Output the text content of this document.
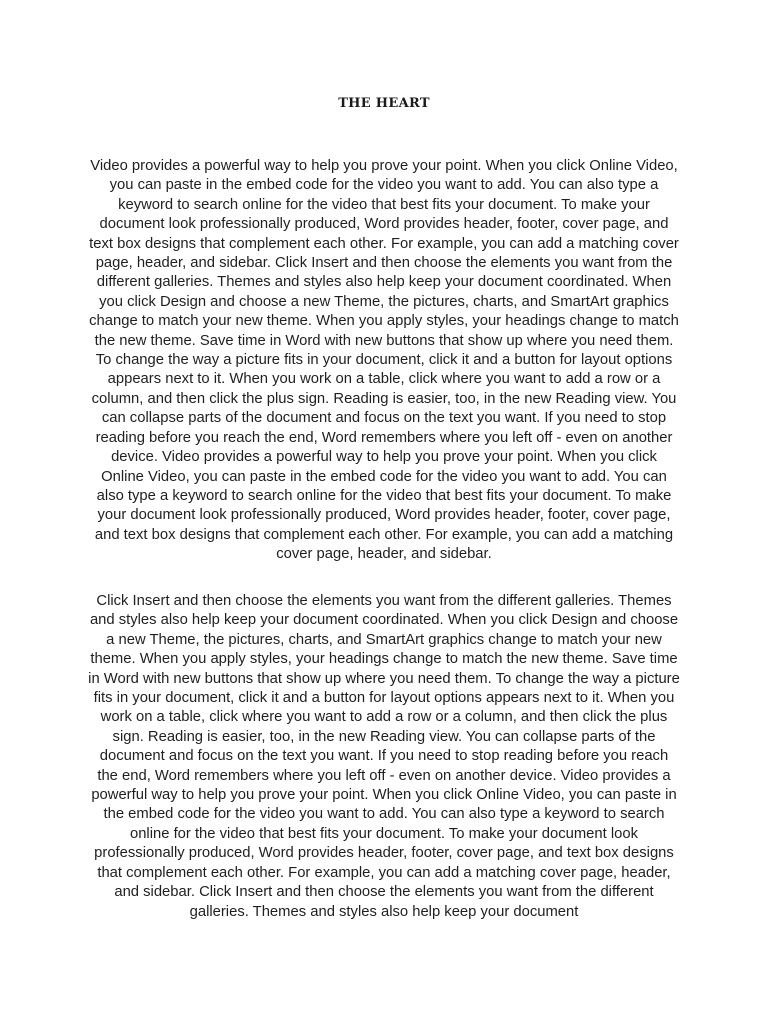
THE HEART

Video provides a powerful way to help you prove your point. When you click Online Video, you can paste in the embed code for the video you want to add. You can also type a keyword to search online for the video that best fits your document. To make your document look professionally produced, Word provides header, footer, cover page, and text box designs that complement each other. For example, you can add a matching cover page, header, and sidebar. Click Insert and then choose the elements you want from the different galleries. Themes and styles also help keep your document coordinated. When you click Design and choose a new Theme, the pictures, charts, and SmartArt graphics change to match your new theme. When you apply styles, your headings change to match the new theme. Save time in Word with new buttons that show up where you need them. To change the way a picture fits in your document, click it and a button for layout options appears next to it. When you work on a table, click where you want to add a row or a column, and then click the plus sign. Reading is easier, too, in the new Reading view. You can collapse parts of the document and focus on the text you want. If you need to stop reading before you reach the end, Word remembers where you left off - even on another device. Video provides a powerful way to help you prove your point. When you click Online Video, you can paste in the embed code for the video you want to add. You can also type a keyword to search online for the video that best fits your document. To make your document look professionally produced, Word provides header, footer, cover page, and text box designs that complement each other. For example, you can add a matching cover page, header, and sidebar.

Click Insert and then choose the elements you want from the different galleries. Themes and styles also help keep your document coordinated. When you click Design and choose a new Theme, the pictures, charts, and SmartArt graphics change to match your new theme. When you apply styles, your headings change to match the new theme. Save time in Word with new buttons that show up where you need them. To change the way a picture fits in your document, click it and a button for layout options appears next to it. When you work on a table, click where you want to add a row or a column, and then click the plus sign. Reading is easier, too, in the new Reading view. You can collapse parts of the document and focus on the text you want. If you need to stop reading before you reach the end, Word remembers where you left off - even on another device. Video provides a powerful way to help you prove your point. When you click Online Video, you can paste in the embed code for the video you want to add. You can also type a keyword to search online for the video that best fits your document. To make your document look professionally produced, Word provides header, footer, cover page, and text box designs that complement each other. For example, you can add a matching cover page, header, and sidebar. Click Insert and then choose the elements you want from the different galleries. Themes and styles also help keep your document
